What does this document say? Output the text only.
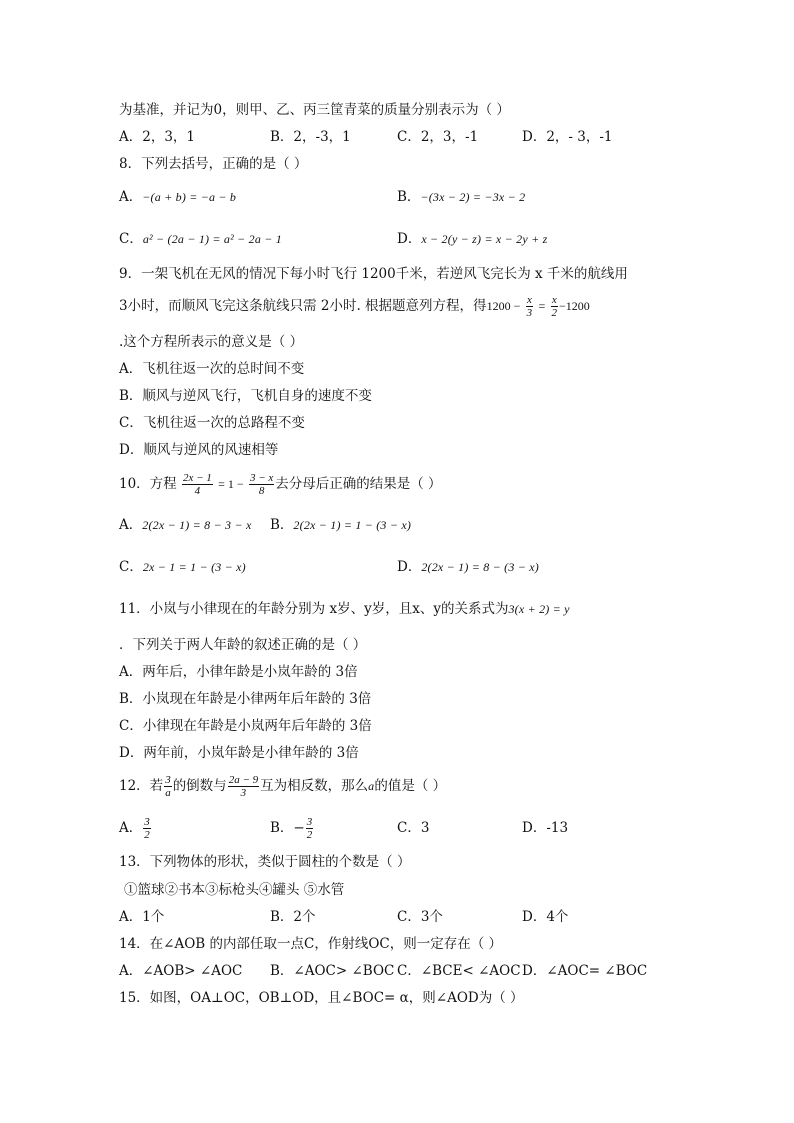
为基准，并记为0，则甲、乙、丙三筐青菜的质量分别表示为（ ）
A．2，3，1	B．2，-3，1	C．2，3，-1	D．2，- 3，-1
8．下列去括号，正确的是（ ）
A．−(a + b) = −a − b	B．−(3x − 2) = −3x − 2
C．a² − (2a − 1) = a² − 2a − 1	D．x − 2(y − z) = x − 2y + z
9．一架飞机在无风的情况下每小时飞行 1200千米，若逆风飞完长为 x 千米的航线用
3小时，而顺风飞完这条航线只需 2小时. 根据题意列方程，得$1200 - \frac{x}{3} = \frac{x}{2} -1200$
.这个方程所表示的意义是（ ）
A．飞机往返一次的总时间不变
B．顺风与逆风飞行，飞机自身的速度不变
C．飞机往返一次的总路程不变
D．顺风与逆风的风速相等
10．方程 $\frac{2x - 1}{4} = 1 - \frac{3 - x}{8}$ 去分母后正确的结果是（ ）
A．2(2x − 1) = 8 − 3 − x B．2(2x − 1) = 1 − (3 − x)
C．2x − 1 = 1 − (3 − x)	D．2(2x − 1) = 8 − (3 − x)
11．小岚与小律现在的年龄分别为 x岁、y岁，且x、y的关系式为3(x + 2) = y
．下列关于两人年龄的叙述正确的是（ ）
A．两年后，小律年龄是小岚年龄的 3倍
B．小岚现在年龄是小律两年后年龄的 3倍
C．小律现在年龄是小岚两年后年龄的 3倍
D．两年前，小岚年龄是小律年龄的 3倍
12．若 $\frac{3}{a}$ 的倒数与 $\frac{2a - 9}{3}$ 互为相反数，那么a的值是（ ）
A． $\frac{3}{2}$	B．− $\frac{3}{2}$	C．3	D．-13
13．下列物体的形状，类似于圆柱的个数是（ ）
①篮球②书本③标枪头④罐头 ⑤水管
A．1个	B．2个	C．3个	D．4个
14．在∠AOB 的内部任取一点C，作射线OC，则一定存在（ ）
A．∠AOB> ∠AOC B．∠AOC> ∠BOC C．∠BCE< ∠AOC D．∠AOC= ∠BOC
15．如图，OA⊥OC，OB⊥OD，且∠BOC= α，则∠AOD为（ ）
